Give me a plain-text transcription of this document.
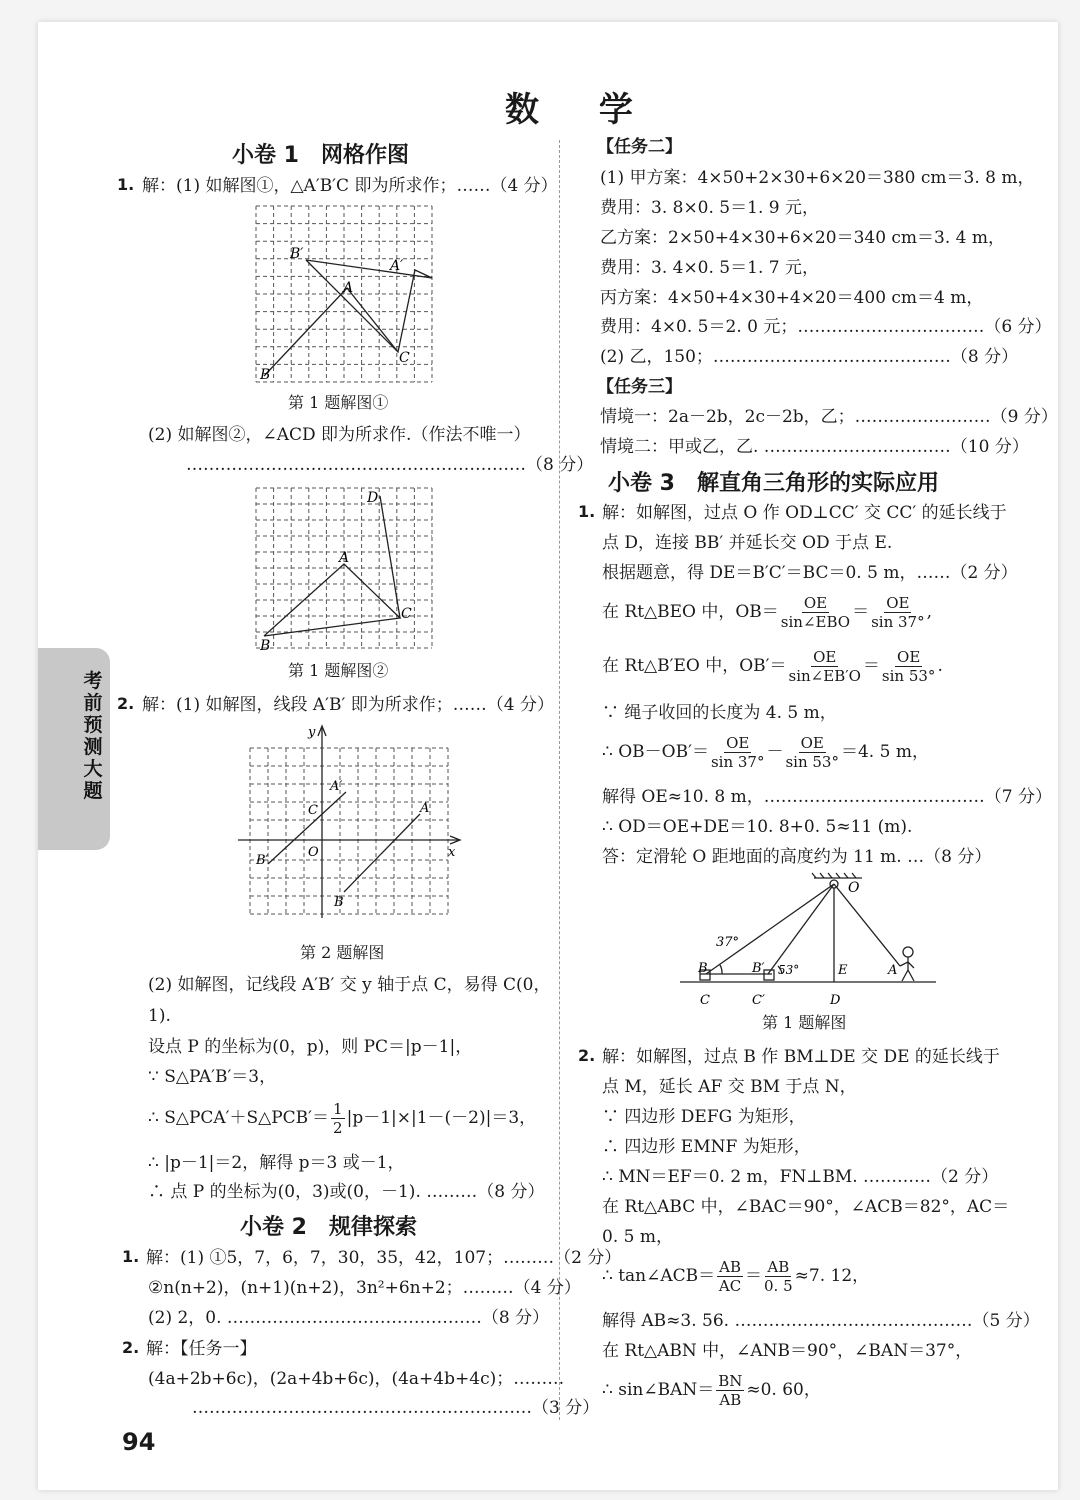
数 学
考前预测大题
94
小卷 1　网格作图
1. 解：(1) 如解图①，△A′B′C 即为所求作；……（4 分）
B′
A′
A
C
B
第 1 题解图①
(2) 如解图②，∠ACD 即为所求作.（作法不唯一）
……………………………………………………（8 分）
D
A
C
B
第 1 题解图②
2. 解：(1) 如解图，线段 A′B′ 即为所求作；……（4 分）
y
x
A′
C	A
B′
O
B
第 2 题解图
(2) 如解图，记线段 A′B′ 交 y 轴于点 C，易得 C(0，
1).
设点 P 的坐标为(0，p)，则 PC＝|p－1|，
∵ S△PA′B′＝3，
∴ S△PCA′＋S△PCB′＝ $\frac{1}{2} |p-1|\times|1-(-2)|=3$，
∴ |p－1|＝2，解得 p＝3 或－1，
∴ 点 P 的坐标为(0，3)或(0，－1). ………（8 分）
小卷 2　规律探索
1. 解：(1) ①5，7，6，7，30，35，42，107；………（2 分）
②n(n+2)，(n+1)(n+2)，3n²+6n+2；………（4 分）
(2) 2，0. ………………………………………（8 分）
2. 解：【任务一】
(4a+2b+6c)，(2a+4b+6c)，(4a+4b+4c)；………
……………………………………………………（3 分）
【任务二】
(1) 甲方案：4×50+2×30+6×20＝380 cm＝3. 8 m，
费用：3. 8×0. 5＝1. 9 元，
乙方案：2×50+4×30+6×20＝340 cm＝3. 4 m，
费用：3. 4×0. 5＝1. 7 元，
丙方案：4×50+4×30+4×20＝400 cm＝4 m，
费用：4×0. 5＝2. 0 元；……………………………（6 分）
(2) 乙，150；……………………………………（8 分）
【任务三】
情境一：2a－2b，2c－2b，乙；……………………（9 分）
情境二：甲或乙，乙. ……………………………（10 分）
小卷 3　解直角三角形的实际应用
1. 解：如解图，过点 O 作 OD⊥CC′ 交 CC′ 的延长线于
点 D，连接 BB′ 并延长交 OD 于点 E.
根据题意，得 DE＝B′C′＝BC＝0. 5 m，……（2 分）
在 Rt△BEO 中，$OB= \frac{OE}{\text{sin∠EBO}} = \frac{OE}{\sin 37^\circ}$ ,
在 Rt△B′EO 中，$OB'= \frac{OE}{\sin\angle EB'O} = \frac{OE}{\sin 53^\circ}$ .
∵ 绳子收回的长度为 4. 5 m，
∴ $OB-OB'= \frac{OE}{\sin 37^\circ} - \frac{OE}{\sin 53^\circ} =4$. 5 m，
解得 OE≈10. 8 m，…………………………………（7 分）
∴ OD＝OE+DE＝10. 8+0. 5≈11 (m).
答：定滑轮 O 距地面的高度约为 11 m. …（8 分）
O
37°
53°
B	B′	E	A
C	C′	D
第 1 题解图
2. 解：如解图，过点 B 作 BM⊥DE 交 DE 的延长线于
点 M，延长 AF 交 BM 于点 N，
∵ 四边形 DEFG 为矩形，
∴ 四边形 EMNF 为矩形，
∴ MN＝EF＝0. 2 m，FN⊥BM. …………（2 分）
在 Rt△ABC 中，∠BAC＝90°，∠ACB＝82°，AC＝
0. 5 m，
∴ tan∠ACB＝ $\frac{AB}{AC} = \frac{AB}{0. 5} \approx 7$. 12，
解得 AB≈3. 56. ……………………………………（5 分）
在 Rt△ABN 中，∠ANB＝90°，∠BAN＝37°，
∴ sin∠BAN＝ $\frac{BN}{AB} \approx 0$. 60，
